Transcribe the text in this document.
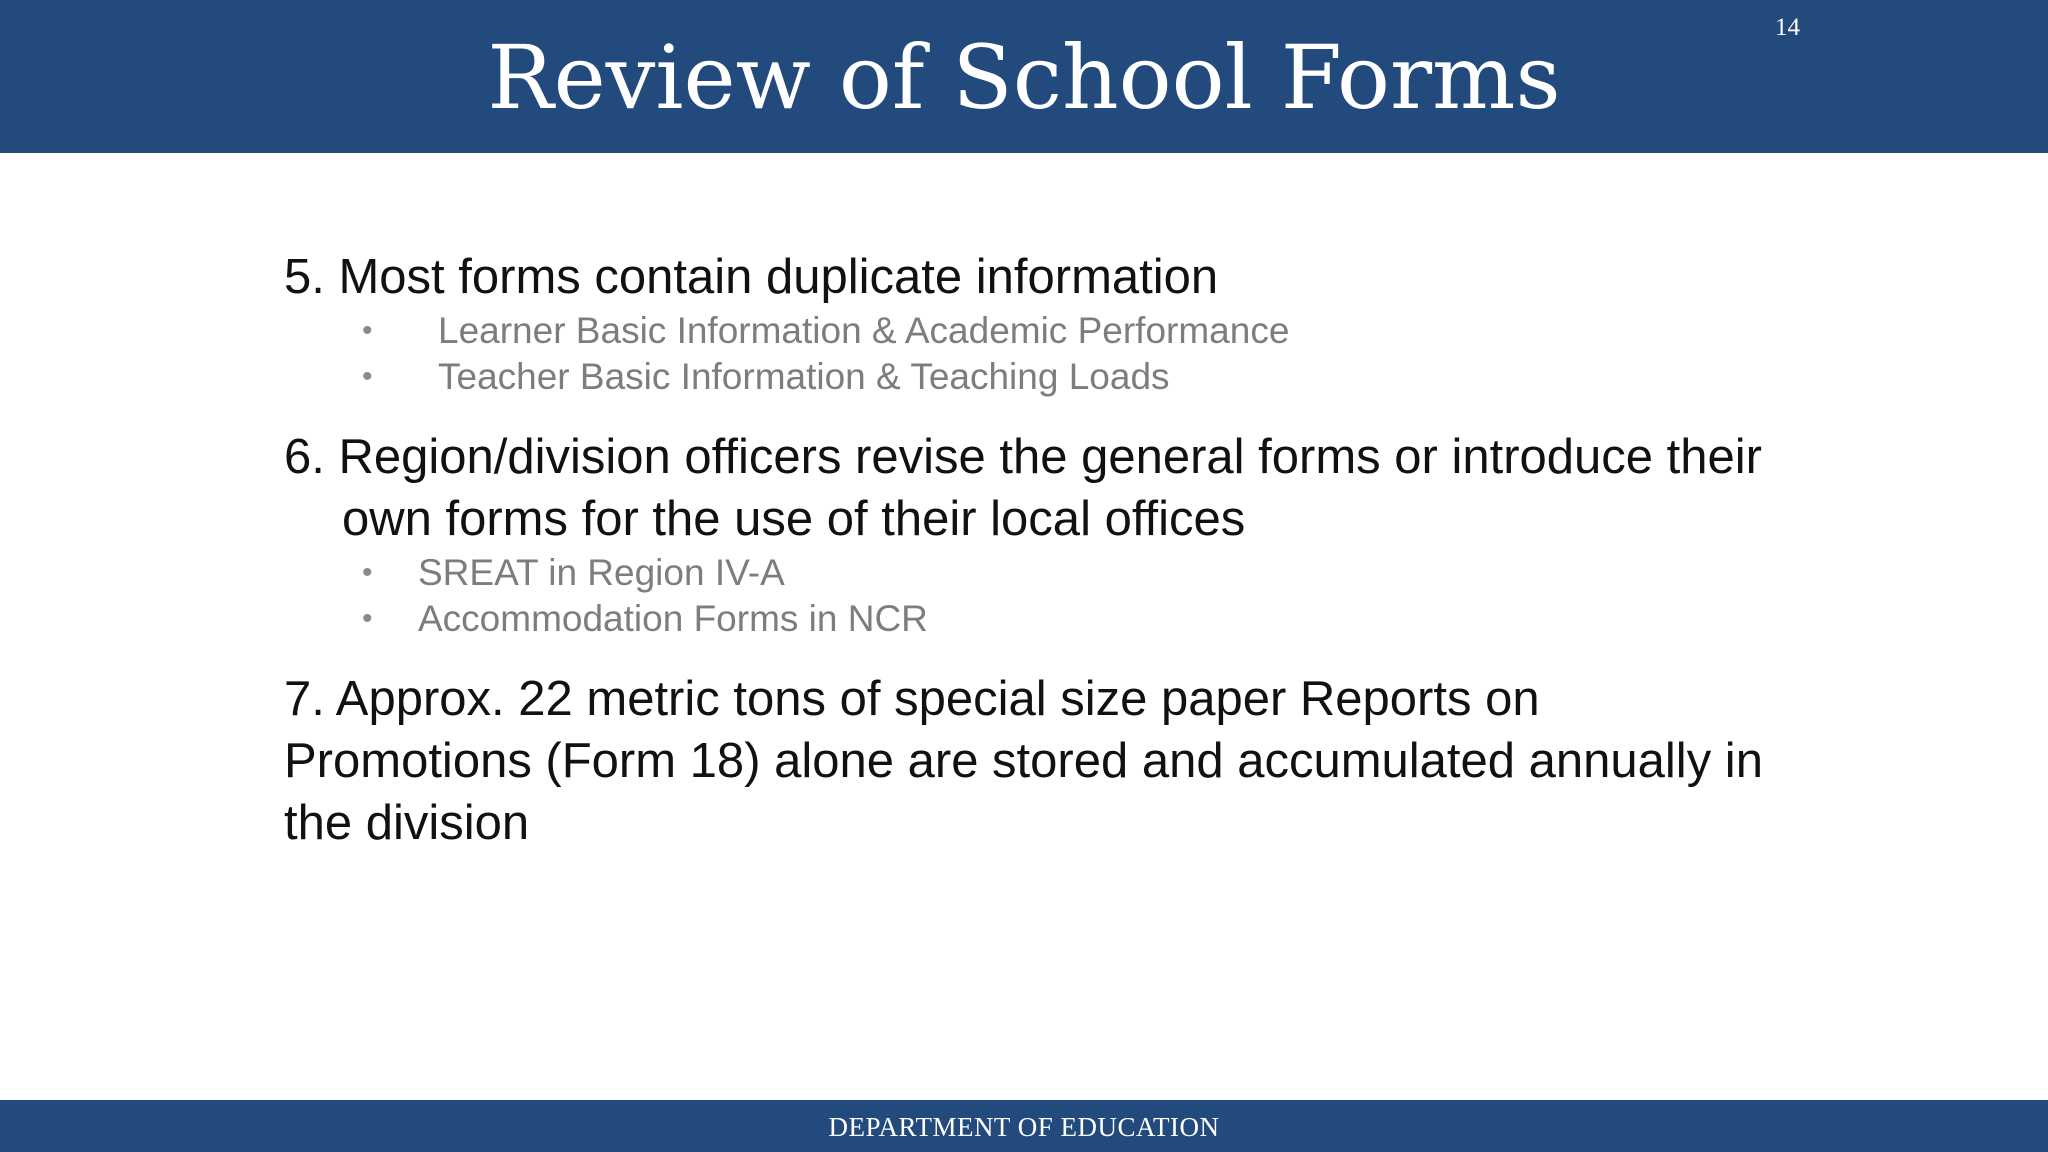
Review of School Forms	14

5. Most forms contain duplicate information

• Learner Basic Information & Academic Performance
• Teacher Basic Information & Teaching Loads

6. Region/division officers revise the general forms or introduce their own forms for the use of their local offices

• SREAT in Region IV-A
• Accommodation Forms in NCR

7. Approx. 22 metric tons of special size paper Reports on Promotions (Form 18) alone are stored and accumulated annually in the division

DEPARTMENT OF EDUCATION
